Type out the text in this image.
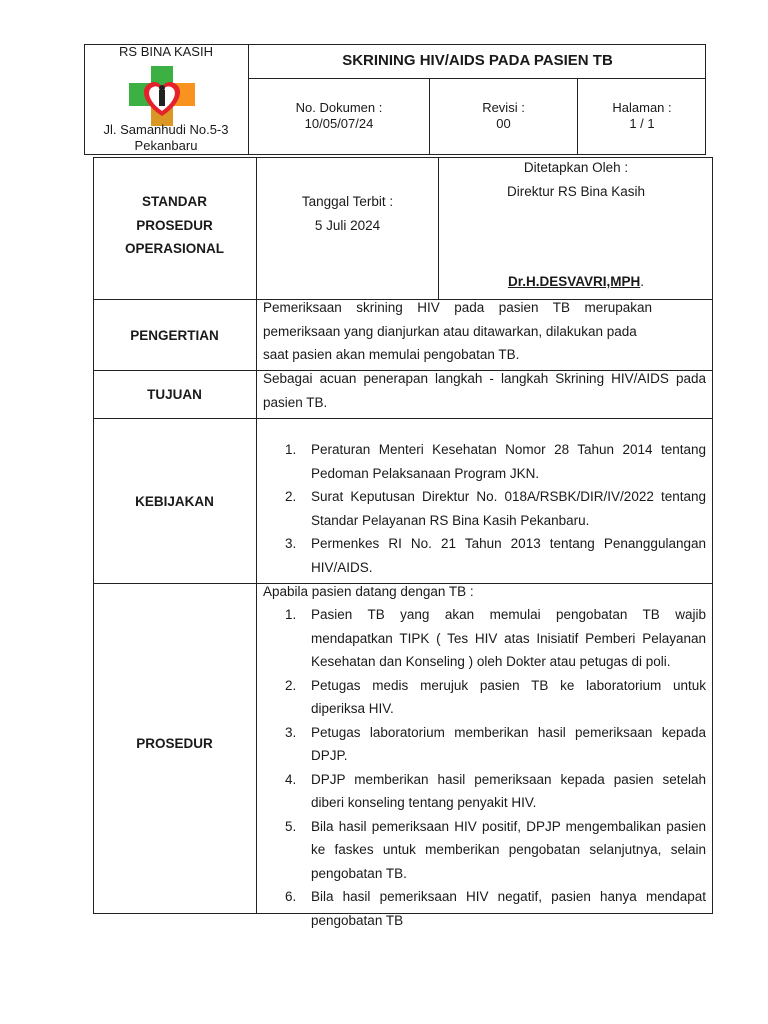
RS BINA KASIH
Jl. Samanhudi No.5-3
Pekanbaru
SKRINING HIV/AIDS PADA PASIEN TB
No. Dokumen :
10/05/07/24
Revisi :
00
Halaman :
1 / 1
STANDAR
PROSEDUR
OPERASIONAL
Tanggal Terbit :
5 Juli 2024
Ditetapkan Oleh :
Direktur RS Bina Kasih
Dr.H.DESVAVRI,MPH.
PENGERTIAN
Pemeriksaan skrining HIV pada pasien TB merupakan
pemeriksaan yang dianjurkan atau ditawarkan, dilakukan pada
saat pasien akan memulai pengobatan TB.
TUJUAN
Sebagai acuan penerapan langkah - langkah Skrining HIV/AIDS pada pasien TB.
KEBIJAKAN
1. Peraturan Menteri Kesehatan Nomor 28 Tahun 2014 tentang Pedoman Pelaksanaan Program JKN.
2. Surat Keputusan Direktur No. 018A/RSBK/DIR/IV/2022 tentang Standar Pelayanan RS Bina Kasih Pekanbaru.
3. Permenkes RI No. 21 Tahun 2013 tentang Penanggulangan HIV/AIDS.
PROSEDUR
Apabila pasien datang dengan TB :
1. Pasien TB yang akan memulai pengobatan TB wajib mendapatkan TIPK ( Tes HIV atas Inisiatif Pemberi Pelayanan Kesehatan dan Konseling ) oleh Dokter atau petugas di poli.
2. Petugas medis merujuk pasien TB ke laboratorium untuk diperiksa HIV.
3. Petugas laboratorium memberikan hasil pemeriksaan kepada DPJP.
4. DPJP memberikan hasil pemeriksaan kepada pasien setelah diberi konseling tentang penyakit HIV.
5. Bila hasil pemeriksaan HIV positif, DPJP mengembalikan pasien ke faskes untuk memberikan pengobatan selanjutnya, selain pengobatan TB.
6. Bila hasil pemeriksaan HIV negatif, pasien hanya mendapat pengobatan TB
